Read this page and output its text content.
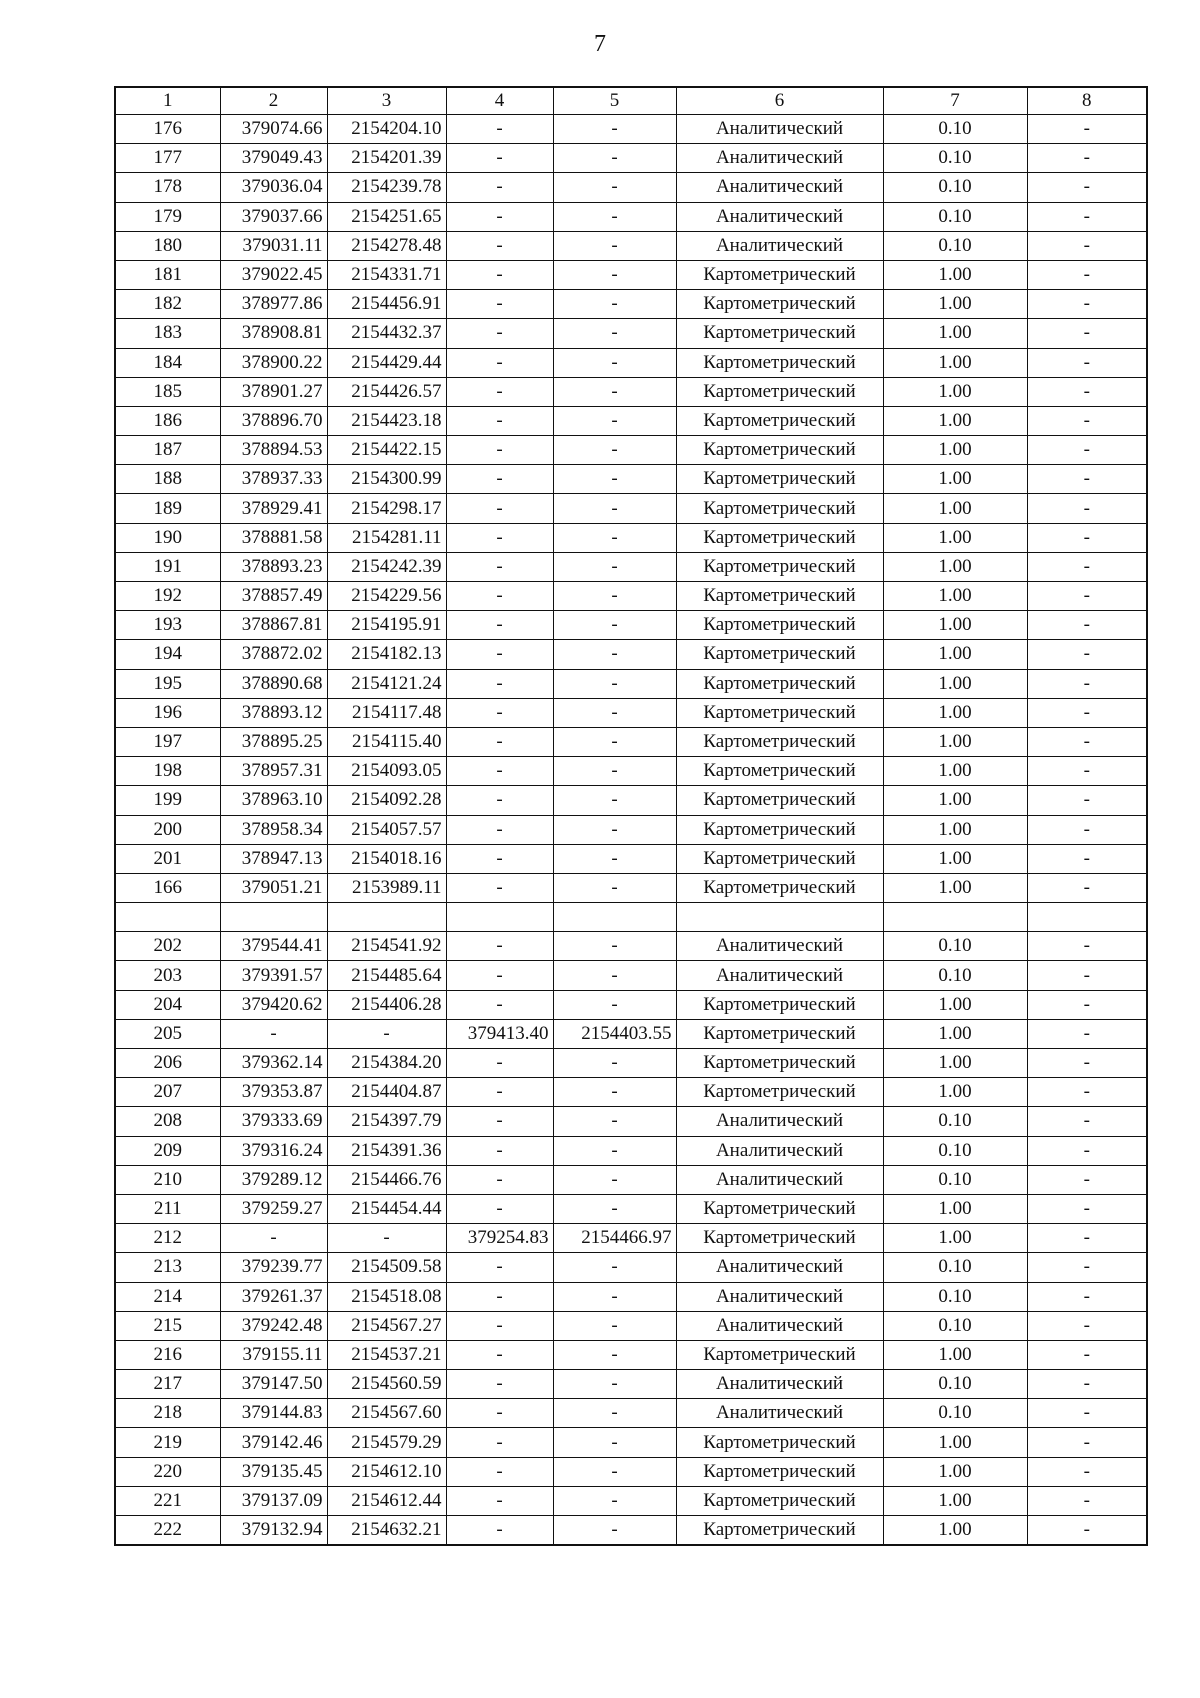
7
1	2	3	4	5	6	7	8
176	379074.66	2154204.10	-	-	Аналитический	0.10	-
177	379049.43	2154201.39	-	-	Аналитический	0.10	-
178	379036.04	2154239.78	-	-	Аналитический	0.10	-
179	379037.66	2154251.65	-	-	Аналитический	0.10	-
180	379031.11	2154278.48	-	-	Аналитический	0.10	-
181	379022.45	2154331.71	-	-	Картометрический	1.00	-
182	378977.86	2154456.91	-	-	Картометрический	1.00	-
183	378908.81	2154432.37	-	-	Картометрический	1.00	-
184	378900.22	2154429.44	-	-	Картометрический	1.00	-
185	378901.27	2154426.57	-	-	Картометрический	1.00	-
186	378896.70	2154423.18	-	-	Картометрический	1.00	-
187	378894.53	2154422.15	-	-	Картометрический	1.00	-
188	378937.33	2154300.99	-	-	Картометрический	1.00	-
189	378929.41	2154298.17	-	-	Картометрический	1.00	-
190	378881.58	2154281.11	-	-	Картометрический	1.00	-
191	378893.23	2154242.39	-	-	Картометрический	1.00	-
192	378857.49	2154229.56	-	-	Картометрический	1.00	-
193	378867.81	2154195.91	-	-	Картометрический	1.00	-
194	378872.02	2154182.13	-	-	Картометрический	1.00	-
195	378890.68	2154121.24	-	-	Картометрический	1.00	-
196	378893.12	2154117.48	-	-	Картометрический	1.00	-
197	378895.25	2154115.40	-	-	Картометрический	1.00	-
198	378957.31	2154093.05	-	-	Картометрический	1.00	-
199	378963.10	2154092.28	-	-	Картометрический	1.00	-
200	378958.34	2154057.57	-	-	Картометрический	1.00	-
201	378947.13	2154018.16	-	-	Картометрический	1.00	-
166	379051.21	2153989.11	-	-	Картометрический	1.00	-

202	379544.41	2154541.92	-	-	Аналитический	0.10	-
203	379391.57	2154485.64	-	-	Аналитический	0.10	-
204	379420.62	2154406.28	-	-	Картометрический	1.00	-
205	-	-	379413.40	2154403.55	Картометрический	1.00	-
206	379362.14	2154384.20	-	-	Картометрический	1.00	-
207	379353.87	2154404.87	-	-	Картометрический	1.00	-
208	379333.69	2154397.79	-	-	Аналитический	0.10	-
209	379316.24	2154391.36	-	-	Аналитический	0.10	-
210	379289.12	2154466.76	-	-	Аналитический	0.10	-
211	379259.27	2154454.44	-	-	Картометрический	1.00	-
212	-	-	379254.83	2154466.97	Картометрический	1.00	-
213	379239.77	2154509.58	-	-	Аналитический	0.10	-
214	379261.37	2154518.08	-	-	Аналитический	0.10	-
215	379242.48	2154567.27	-	-	Аналитический	0.10	-
216	379155.11	2154537.21	-	-	Картометрический	1.00	-
217	379147.50	2154560.59	-	-	Аналитический	0.10	-
218	379144.83	2154567.60	-	-	Аналитический	0.10	-
219	379142.46	2154579.29	-	-	Картометрический	1.00	-
220	379135.45	2154612.10	-	-	Картометрический	1.00	-
221	379137.09	2154612.44	-	-	Картометрический	1.00	-
222	379132.94	2154632.21	-	-	Картометрический	1.00	-
